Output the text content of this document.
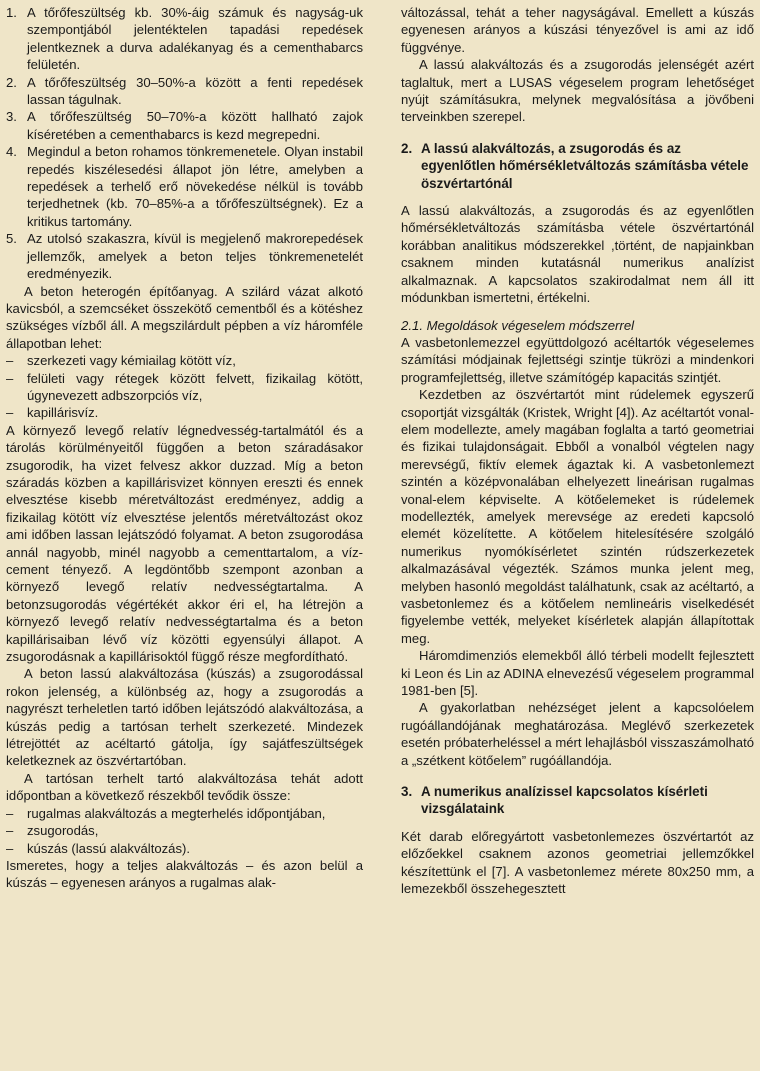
1. A tőrőfeszültség kb. 30%-áig számuk és nagyság-uk szempontjából jelentéktelen tapadási repedések jelentkeznek a durva adalékanyag és a cementhabarcs felületén.
2. A tőrőfeszültség 30–50%-a között a fenti repedések lassan tágulnak.
3. A tőrőfeszültség 50–70%-a között hallható zajok kíséretében a cementhabarcs is kezd megrepedni.
4. Megindul a beton rohamos tönkremenetele. Olyan instabil repedés kiszélesedési állapot jön létre, amelyben a repedések a terhelő erő növekedése nélkül is tovább terjedhetnek (kb. 70–85%-a a tőrőfeszültségnek). Ez a kritikus tartomány.
5. Az utolsó szakaszra, kívül is megjelenő makrorepedések jellemzők, amelyek a beton teljes tönkremenetelét eredményezik.

A beton heterogén építőanyag. A szilárd vázat alkotó kavicsból, a szemcséket összekötő cementből és a kötéshez szükséges vízből áll. A megszilárdult pépben a víz háromféle állapotban lehet:

– szerkezeti vagy kémiailag kötött víz,
– felületi vagy rétegek között felvett, fizikailag kötött, úgynevezett adbszorpciós víz,
– kapillárisvíz.

A környező levegő relatív légnedvesség-tartalmától és a tárolás körülményeitől függően a beton száradásakor zsugorodik, ha vizet felvesz akkor duzzad. Míg a beton száradás közben a kapillárisvizet könnyen ereszti és ennek elvesztése kisebb méretváltozást eredményez, addig a fizikailag kötött víz elvesztése jelentős méretváltozást okoz ami időben lassan lejátszódó folyamat. A beton zsugorodása annál nagyobb, minél nagyobb a cementtartalom, a víz-cement tényező. A legdöntőbb szempont azonban a környező levegő relatív nedvességtartalma. A betonzsugorodás végértékét akkor éri el, ha létrejön a környező levegő relatív nedvességtartalma és a beton kapillárisaiban lévő víz közötti egyensúlyi állapot. A zsugorodásnak a kapillárisoktól függő része megfordítható.

A beton lassú alakváltozása (kúszás) a zsugorodással rokon jelenség, a különbség az, hogy a zsugorodás a nagyrészt terheletlen tartó időben lejátszódó alakváltozása, a kúszás pedig a tartósan terhelt szerkezeté. Mindezek létrejöttét az acéltartó gátolja, így sajátfeszültségek keletkeznek az öszvértartóban.

A tartósan terhelt tartó alakváltozása tehát adott időpontban a következő részekből tevődik össze:

– rugalmas alakváltozás a megterhelés időpontjában,
– zsugorodás,
– kúszás (lassú alakváltozás).

Ismeretes, hogy a teljes alakváltozás – és azon belül a kúszás – egyenesen arányos a rugalmas alak-

változással, tehát a teher nagyságával. Emellett a kúszás egyenesen arányos a kúszási tényezővel is ami az idő függvénye.

A lassú alakváltozás és a zsugorodás jelenségét azért taglaltuk, mert a LUSAS végeselem program lehetőséget nyújt számításukra, melynek megvalósítása a jövőbeni terveinkben szerepel.

2. A lassú alakváltozás, a zsugorodás és az egyenlőtlen hőmérsékletváltozás számításba vétele öszvértartónál

A lassú alakváltozás, a zsugorodás és az egyenlőtlen hőmérsékletváltozás számításba vétele öszvértartónál korábban analitikus módszerekkel ,történt, de napjainkban csaknem minden kutatásnál numerikus analízist alkalmaznak. A kapcsolatos szakirodalmat nem áll itt módunkban ismertetni, értékelni.

2.1. Megoldások végeselem módszerrel

A vasbetonlemezzel együttdolgozó acéltartók végeselemes számítási módjainak fejlettségi szintje tükrözi a mindenkori programfejlettség, illetve számítógép kapacitás szintjét.

Kezdetben az öszvértartót mint rúdelemek egyszerű csoportját vizsgálták (Kristek, Wright [4]). Az acéltartót vonal-elem modellezte, amely magában foglalta a tartó geometriai és fizikai tulajdonságait. Ebből a vonalból végtelen nagy merevségű, fiktív elemek ágaztak ki. A vasbetonlemezt szintén a középvonalában elhelyezett lineárisan rugalmas vonal-elem képviselte. A kötőelemeket is rúdelemek modellezték, amelyek merevsége az eredeti kapcsoló elemét közelítette. A kötőelem hitelesítésére szolgáló numerikus nyomókísérletet szintén rúdszerkezetek alkalmazásával végezték. Számos munka jelent meg, melyben hasonló megoldást találhatunk, csak az acéltartó, a vasbetonlemez és a kötőelem nemlineáris viselkedését figyelembe vették, melyeket kísérletek alapján állapítottak meg.

Háromdimenziós elemekből álló térbeli modellt fejlesztett ki Leon és Lin az ADINA elnevezésű végeselem programmal 1981-ben [5].

A gyakorlatban nehézséget jelent a kapcsolóelem rugóállandójának meghatározása. Meglévő szerkezetek esetén próbaterheléssel a mért lehajlásból visszaszámolható a „szétkent kötőelem” rugóállandója.

3. A numerikus analízissel kapcsolatos kísérleti vizsgálataink

Két darab előregyártott vasbetonlemezes öszvértartót az előzőekkel csaknem azonos geometriai jellemzőkkel készítettünk el [7]. A vasbetonlemez mérete 80x250 mm, a lemezekből összehegesztett
